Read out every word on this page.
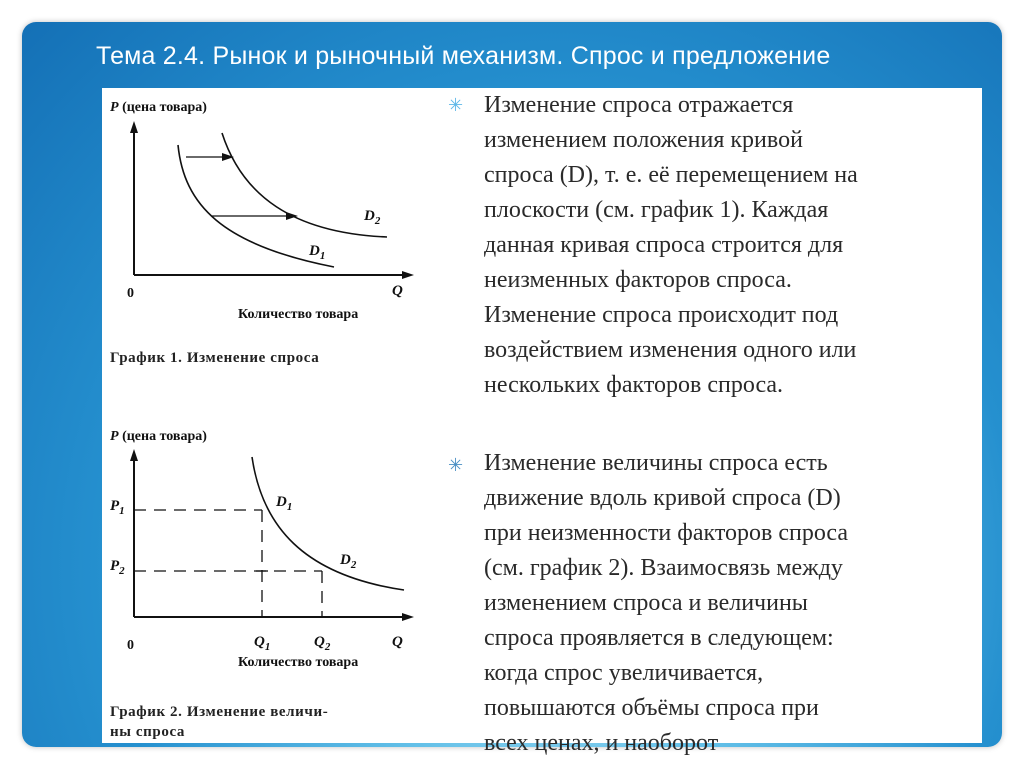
Тема 2.4. Рынок и рыночный механизм. Спрос и предложение
P (цена товара)
$D_2$
$D_1$
0	Q
Количество товара
График 1. Изменение спроса
P (цена товара)
$P_1$
$P_2$
$D_1$
$D_2$
0	$Q_1$	$Q_2$	Q
Количество товара
График 2. Изменение величи-
ны спроса
✳ Изменение спроса отражается

изменением положения кривой

спроса (D), т. е. её перемещением на

плоскости (см. график 1). Каждая

данная кривая спроса строится для

неизменных факторов спроса.

Изменение спроса происходит под

воздействием изменения одного или

нескольких факторов спроса.

✳ Изменение величины спроса есть

движение вдоль кривой спроса (D)

при неизменности факторов спроса

(см. график 2). Взаимосвязь между

изменением спроса и величины

спроса проявляется в следующем:

когда спрос увеличивается,

повышаются объёмы спроса при

всех ценах, и наоборот
